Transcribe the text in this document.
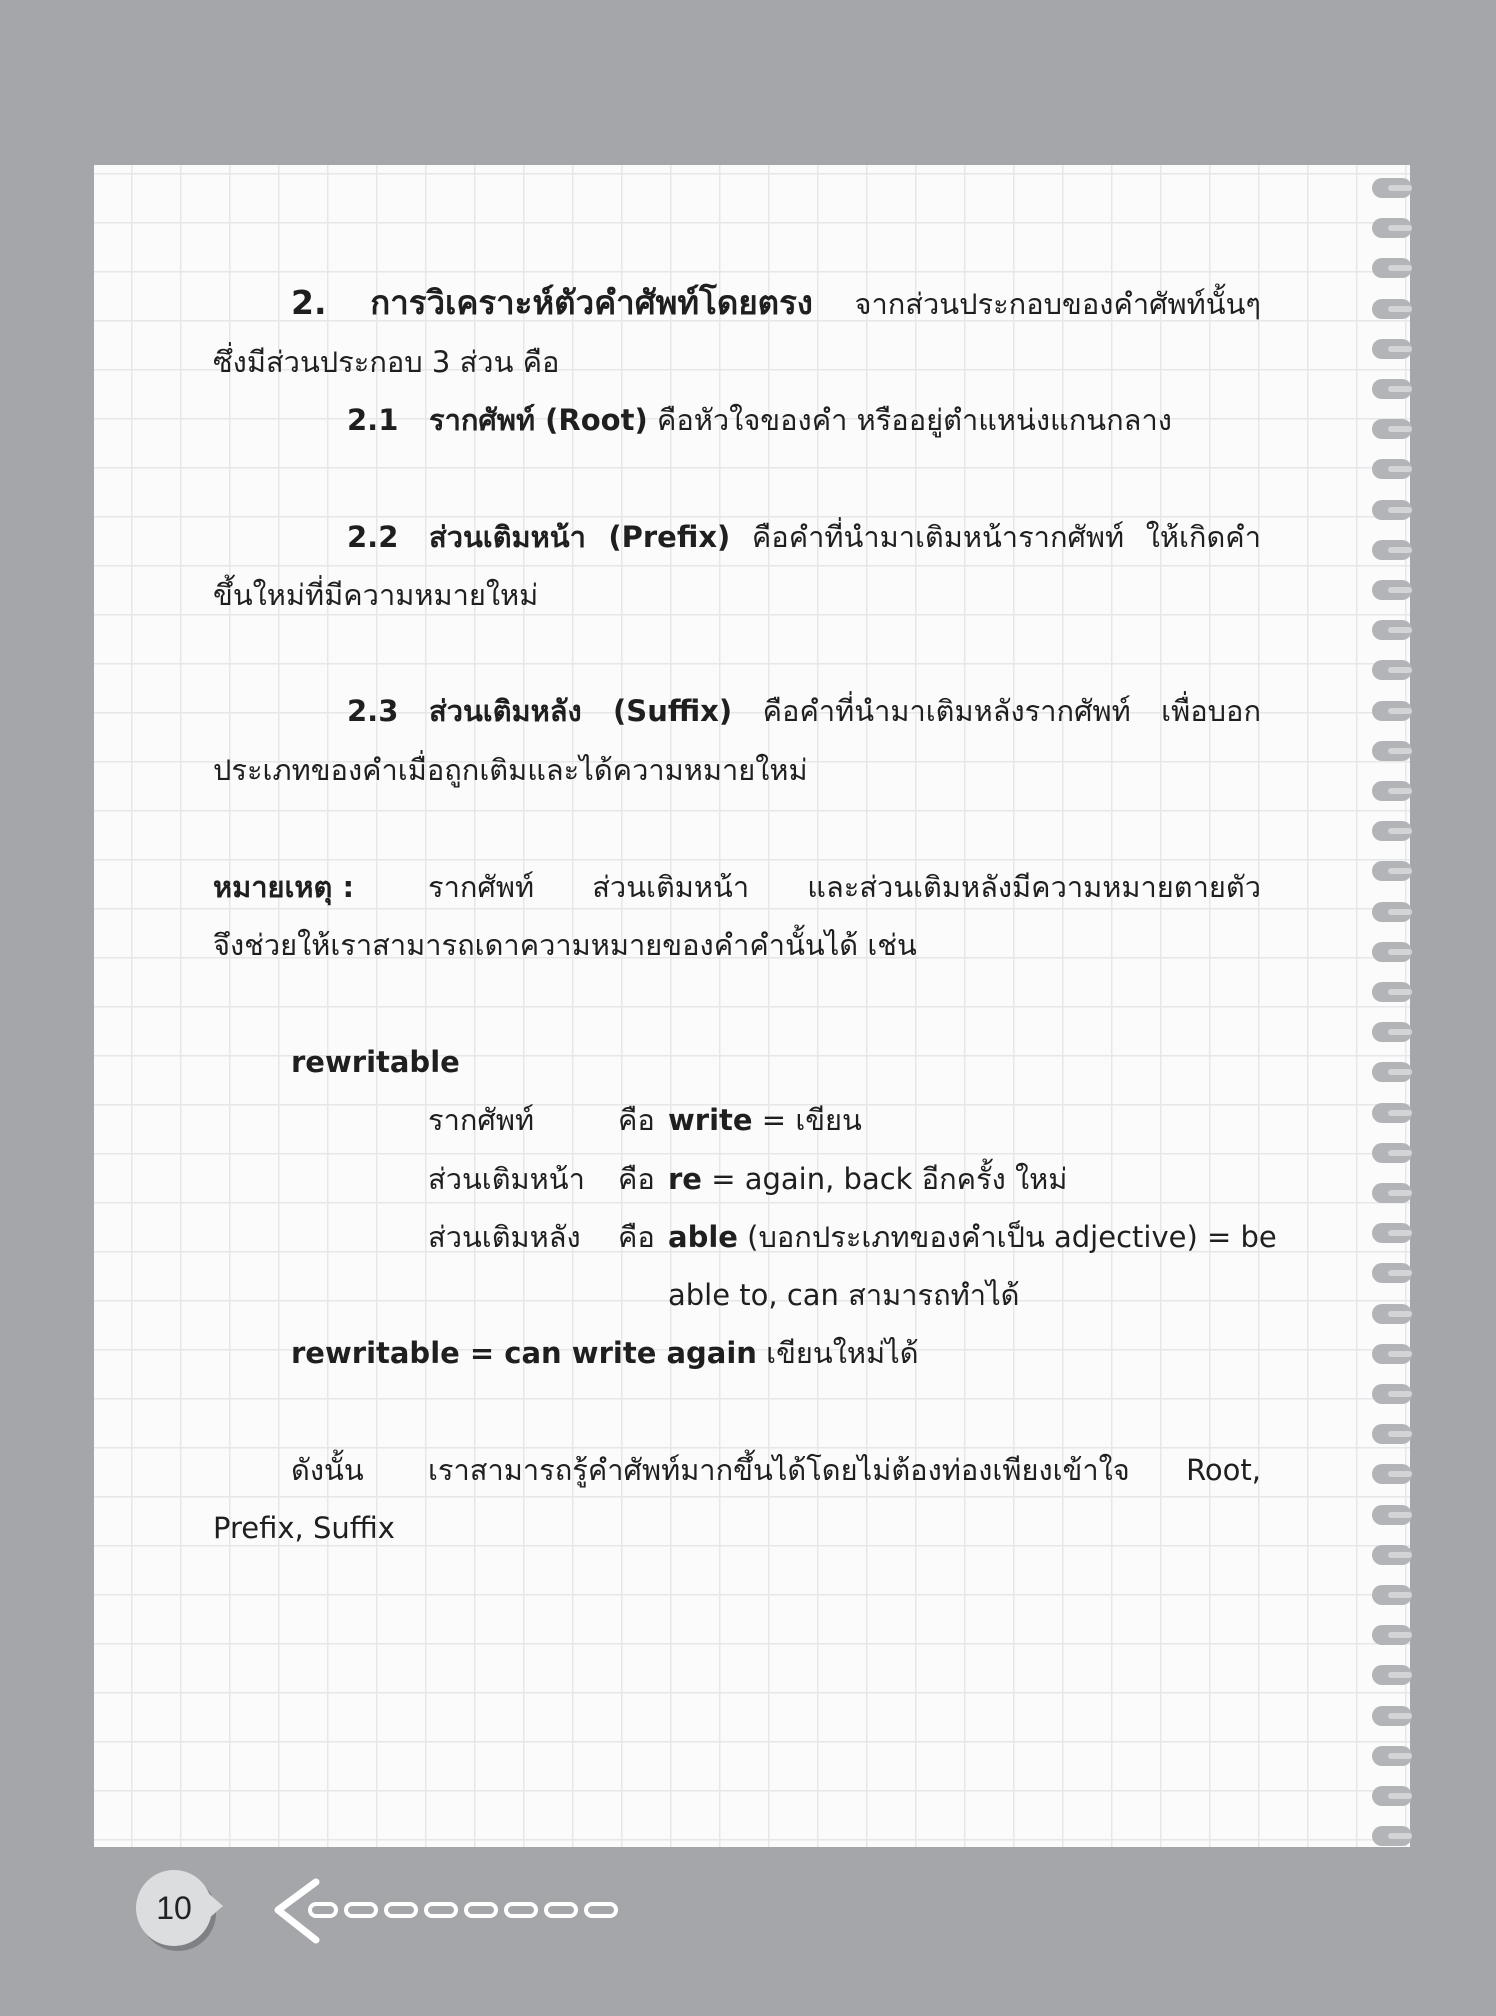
2. การวิเคราะห์ตัวคำศัพท์โดยตรง จากส่วนประกอบของคำศัพท์นั้นๆ
ซึ่งมีส่วนประกอบ 3 ส่วน คือ
2.1 รากศัพท์ (Root) คือหัวใจของคำ หรืออยู่ตำแหน่งแกนกลาง
2.2 ส่วนเติมหน้า (Prefix) คือคำที่นำมาเติมหน้ารากศัพท์ ให้เกิดคำ
ขึ้นใหม่ที่มีความหมายใหม่
2.3 ส่วนเติมหลัง (Suffix) คือคำที่นำมาเติมหลังรากศัพท์ เพื่อบอก
ประเภทของคำเมื่อถูกเติมและได้ความหมายใหม่
หมายเหตุ :	รากศัพท์ ส่วนเติมหน้า และส่วนเติมหลังมีความหมายตายตัว
จึงช่วยให้เราสามารถเดาความหมายของคำคำนั้นได้ เช่น
rewritable
รากศัพท์	คือ write = เขียน
ส่วนเติมหน้า คือ re = again, back อีกครั้ง ใหม่
ส่วนเติมหลัง คือ able (บอกประเภทของคำเป็น adjective) = be
able to, can สามารถทำได้
rewritable = can write again เขียนใหม่ได้
ดังนั้น เราสามารถรู้คำศัพท์มากขึ้นได้โดยไม่ต้องท่องเพียงเข้าใจ Root,
Prefix, Suffix
10
